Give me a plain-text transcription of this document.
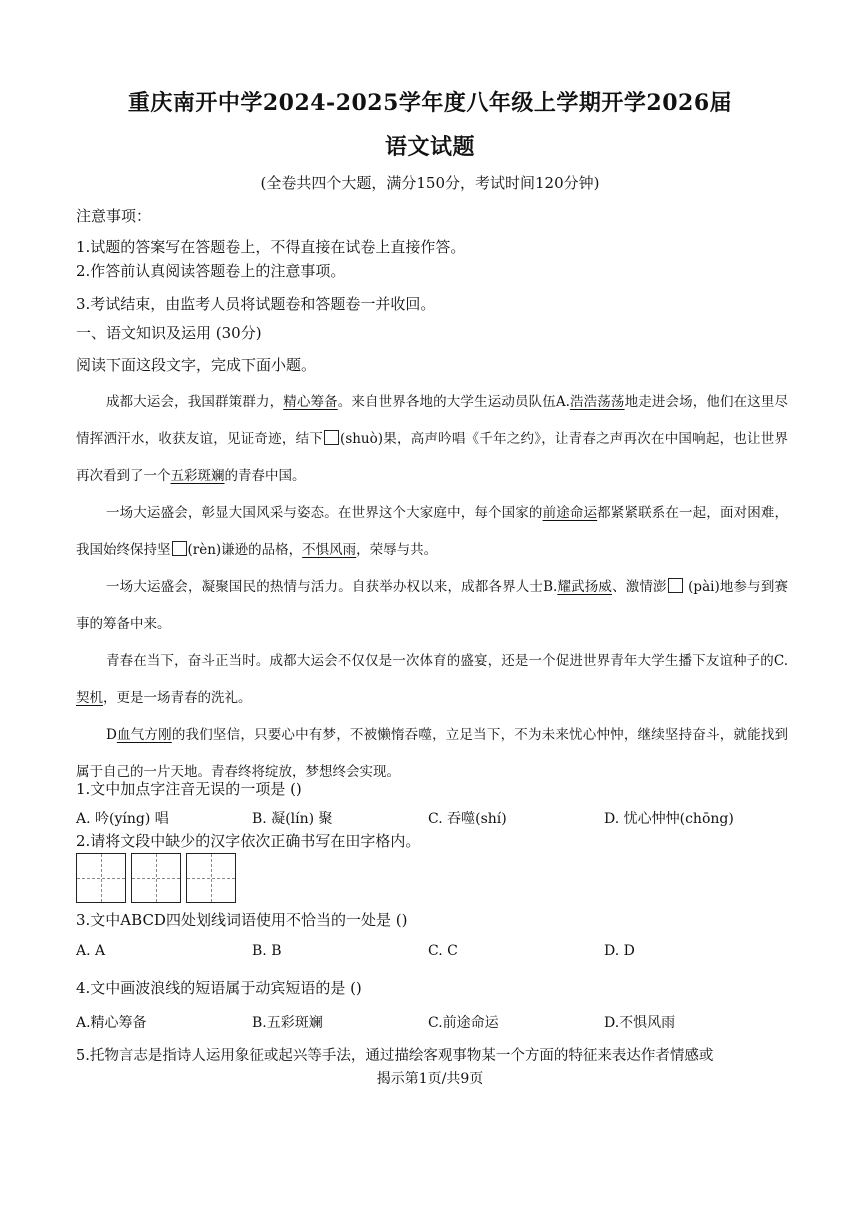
重庆南开中学2024-2025学年度八年级上学期开学2026届
语文试题
(全卷共四个大题，满分150分，考试时间120分钟)
注意事项：
1.试题的答案写在答题卷上，不得直接在试卷上直接作答。
2.作答前认真阅读答题卷上的注意事项。
3.考试结束，由监考人员将试题卷和答题卷一并收回。
一、语文知识及运用 (30分)
阅读下面这段文字，完成下面小题。

成都大运会，我国群策群力，精心筹备。来自世界各地的大学生运动员队伍A.浩浩荡荡地走进会场，他们在这里尽情挥洒汗水，收获友谊，见证奇迹，结下 (shuò)果，高声吟唱《千年之约》，让青春之声再次在中国响起，也让世界再次看到了一个五彩斑斓的青春中国。

一场大运盛会，彰显大国风采与姿态。在世界这个大家庭中，每个国家的前途命运都紧紧联系在一起，面对困难，我国始终保持坚 (rèn)谦逊的品格，不惧风雨，荣辱与共。

一场大运盛会，凝聚国民的热情与活力。自获举办权以来，成都各界人士B.耀武扬威、激情澎 (pài)地参与到赛事的筹备中来。

青春在当下，奋斗正当时。成都大运会不仅仅是一次体育的盛宴，还是一个促进世界青年大学生播下友谊种子的C.契机，更是一场青春的洗礼。

D血气方刚的我们坚信，只要心中有梦，不被懒惰吞噬，立足当下，不为未来忧心忡忡，继续坚持奋斗，就能找到属于自己的一片天地。青春终将绽放，梦想终会实现。

1.文中加点字注音无误的一项是 ()
A. 吟(yíng) 唱	B. 凝(lín) 聚	C. 吞噬(shí)	D. 忧心忡忡(chōng)
2.请将文段中缺少的汉字依次正确书写在田字格内。
3.文中ABCD四处划线词语使用不恰当的一处是 ()
A. A	B. B	C. C	D. D
4.文中画波浪线的短语属于动宾短语的是 ()
A.精心筹备	B.五彩斑斓	C.前途命运	D.不惧风雨
5.托物言志是指诗人运用象征或起兴等手法，通过描绘客观事物某一个方面的特征来表达作者情感或
揭示第1页/共9页
